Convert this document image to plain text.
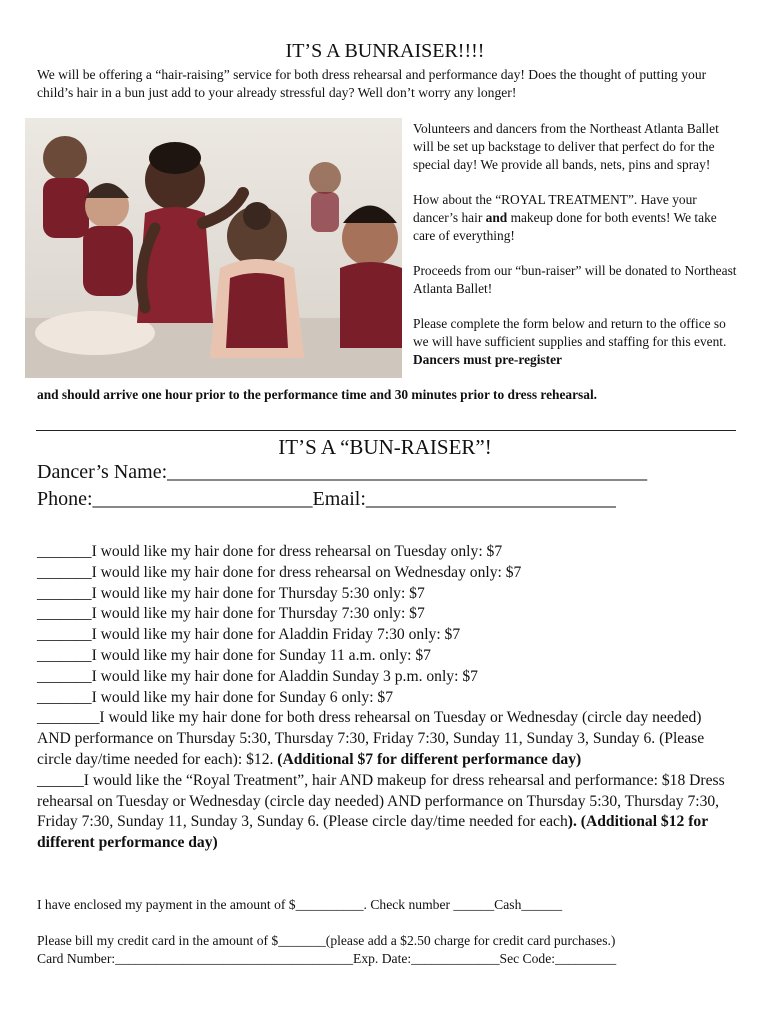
IT’S A BUNRAISER!!!!
We will be offering a “hair-raising” service for both dress rehearsal and performance day! Does the thought of putting your child’s hair in a bun just add to your already stressful day? Well don’t worry any longer!

Volunteers and dancers from the Northeast Atlanta Ballet will be set up backstage to deliver that perfect do for the special day! We provide all bands, nets, pins and spray!

How about the “ROYAL TREATMENT”. Have your dancer’s hair and makeup done for both events! We take care of everything!

Proceeds from our “bun-raiser” will be donated to Northeast Atlanta Ballet!

Please complete the form below and return to the office so we will have sufficient supplies and staffing for this event. Dancers must pre-register

and should arrive one hour prior to the performance time and 30 minutes prior to dress rehearsal.
IT’S A “BUN-RAISER”!
Dancer’s Name:________________________________________________
Phone:______________________Email:_________________________
_______I would like my hair done for dress rehearsal on Tuesday only: $7
_______I would like my hair done for dress rehearsal on Wednesday only: $7
_______I would like my hair done for Thursday 5:30 only: $7
_______I would like my hair done for Thursday 7:30 only: $7
_______I would like my hair done for Aladdin Friday 7:30 only: $7
_______I would like my hair done for Sunday 11 a.m. only: $7
_______I would like my hair done for Aladdin Sunday 3 p.m. only: $7
_______I would like my hair done for Sunday 6 only: $7
________I would like my hair done for both dress rehearsal on Tuesday or Wednesday (circle day needed) AND performance on Thursday 5:30, Thursday 7:30, Friday 7:30, Sunday 11, Sunday 3, Sunday 6. (Please circle day/time needed for each): $12. (Additional $7 for different performance day)
______I would like the “Royal Treatment”, hair AND makeup for dress rehearsal and performance: $18 Dress rehearsal on Tuesday or Wednesday (circle day needed) AND performance on Thursday 5:30, Thursday 7:30, Friday 7:30, Sunday 11, Sunday 3, Sunday 6. (Please circle day/time needed for each). (Additional $12 for different performance day)
I have enclosed my payment in the amount of $__________. Check number ______Cash______
Please bill my credit card in the amount of $_______(please add a $2.50 charge for credit card purchases.)
Card Number:___________________________________Exp. Date:_____________Sec Code:_________
